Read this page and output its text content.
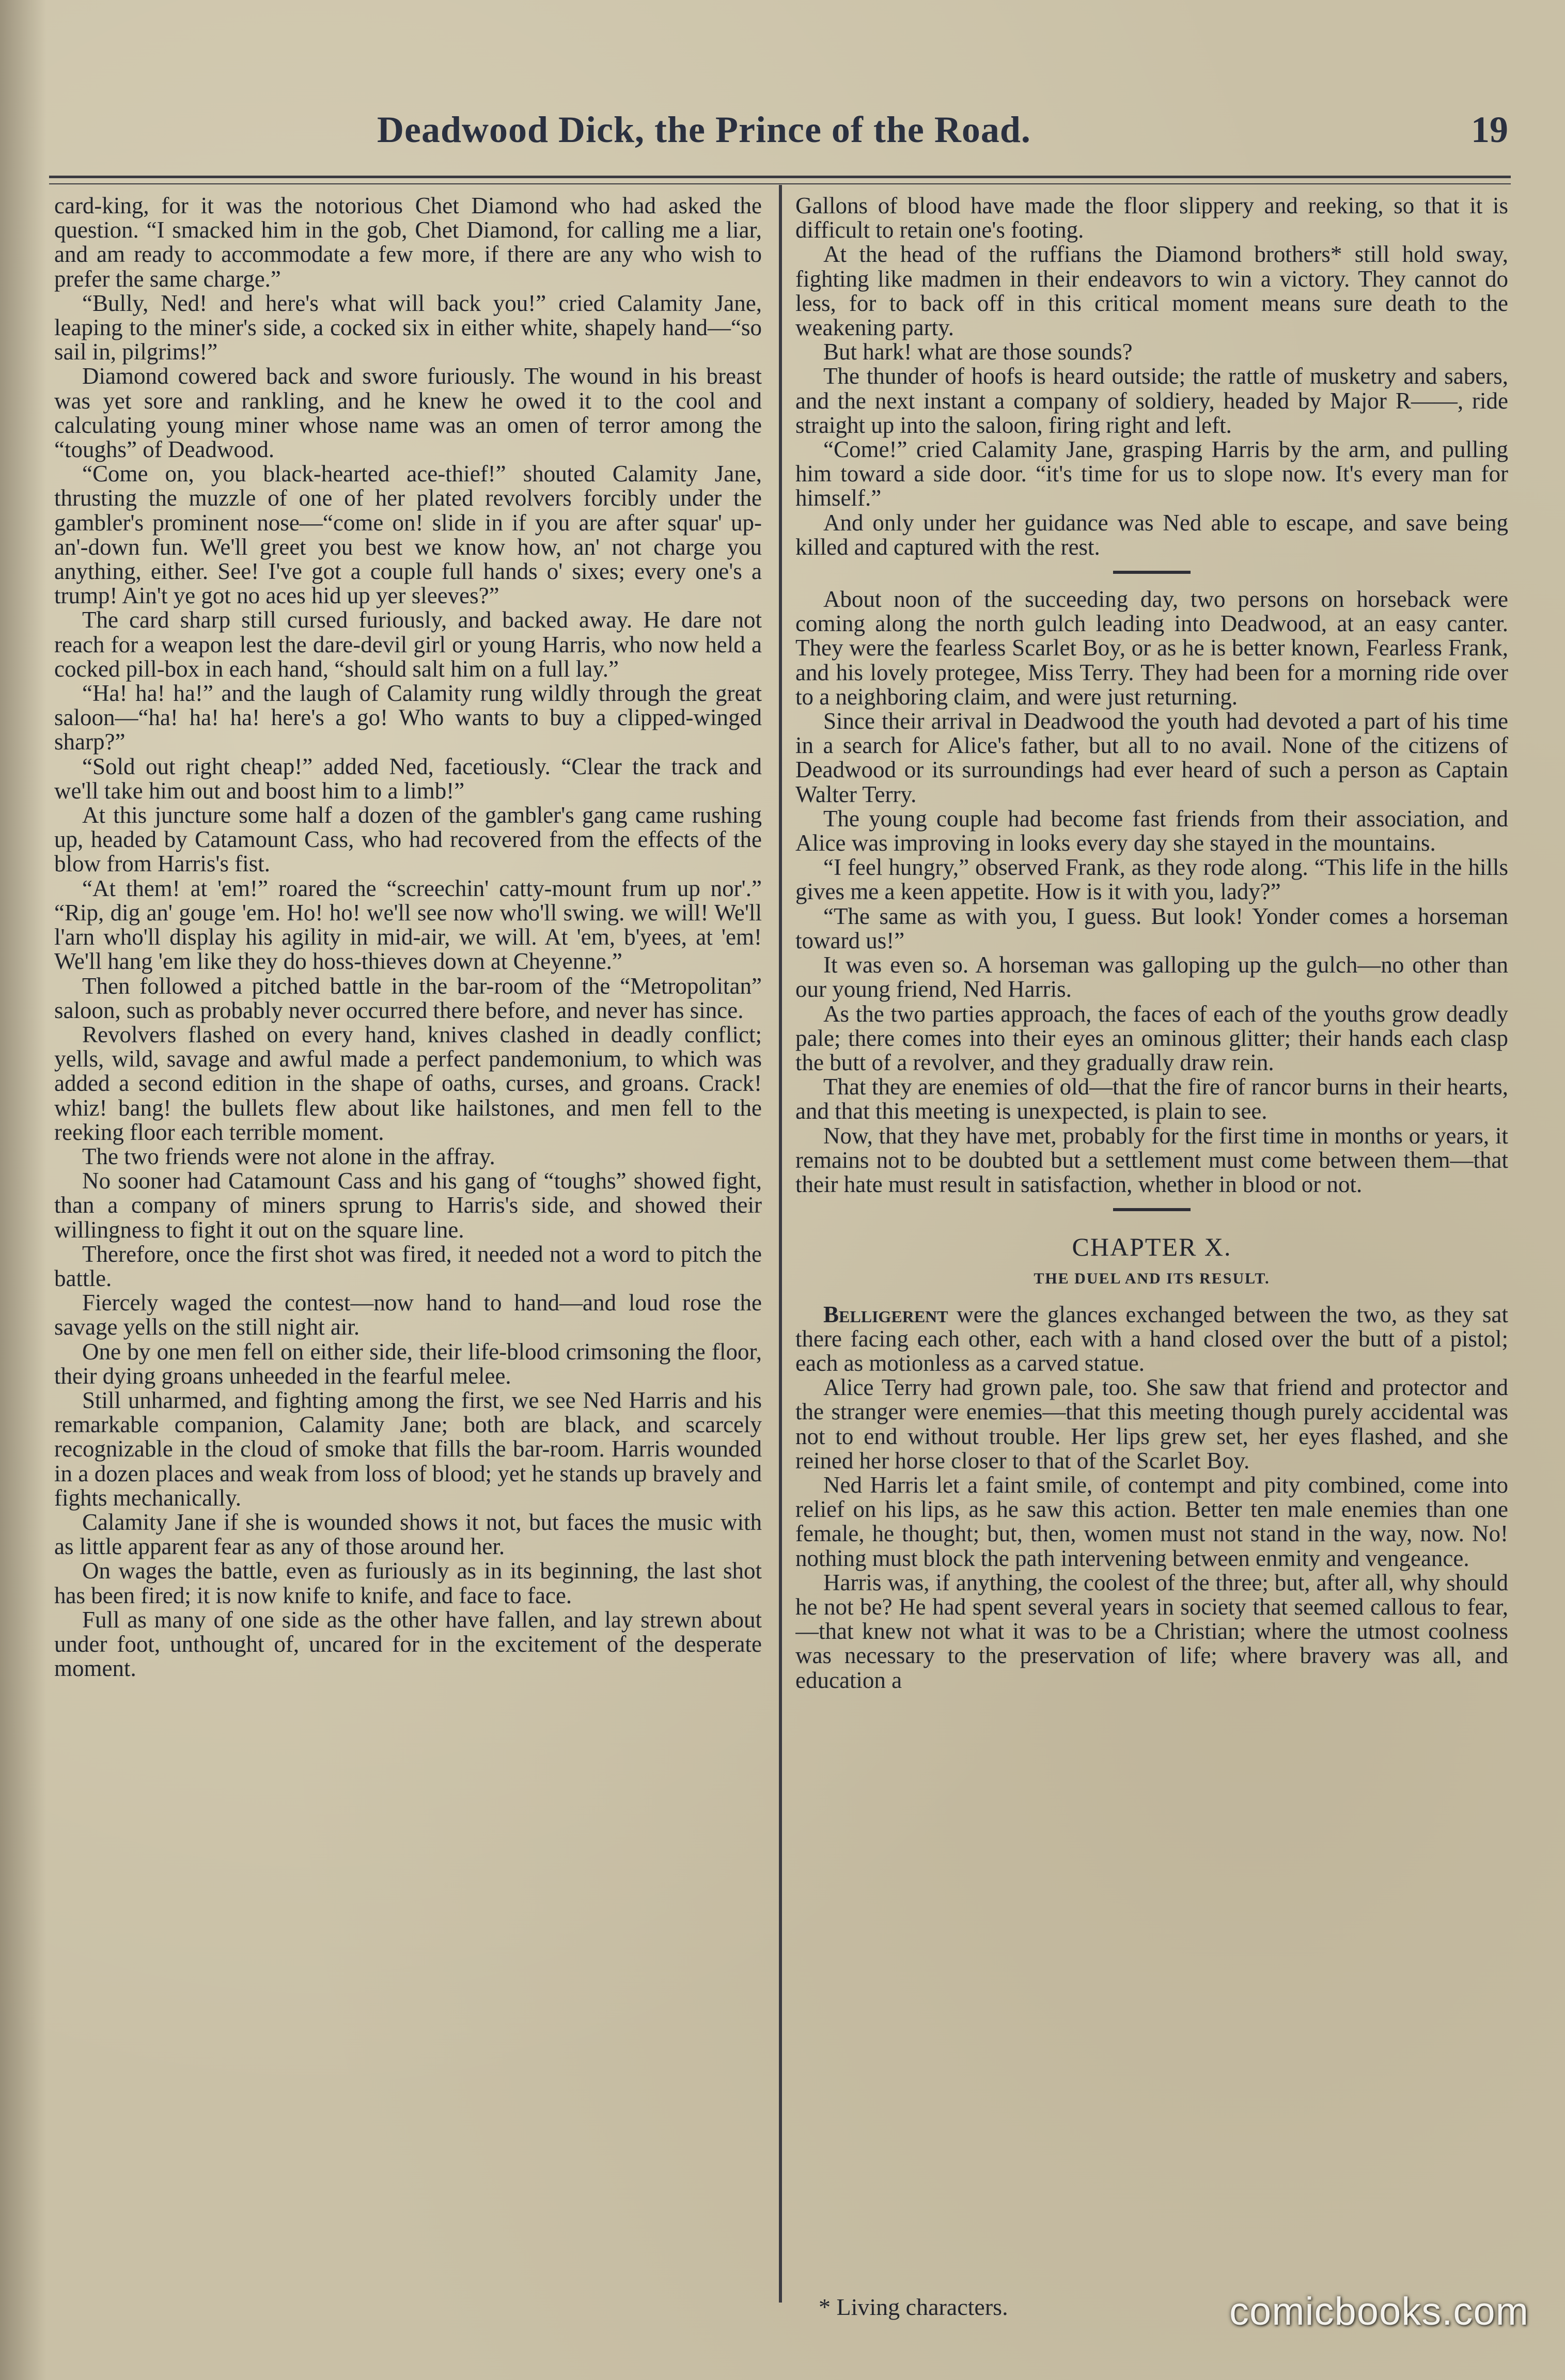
Deadwood Dick, the Prince of the Road.	19

card-king, for it was the notorious Chet Diamond who had asked the question. “I smacked him in the gob, Chet Diamond, for calling me a liar, and am ready to accommodate a few more, if there are any who wish to prefer the same charge.”

“Bully, Ned! and here's what will back you!” cried Calamity Jane, leaping to the miner's side, a cocked six in either white, shapely hand—“so sail in, pilgrims!”

Diamond cowered back and swore furiously. The wound in his breast was yet sore and rankling, and he knew he owed it to the cool and calculating young miner whose name was an omen of terror among the “toughs” of Deadwood.

“Come on, you black-hearted ace-thief!” shouted Calamity Jane, thrusting the muzzle of one of her plated revolvers forcibly under the gambler's prominent nose—“come on! slide in if you are after squar' up-an'-down fun. We'll greet you best we know how, an' not charge you anything, either. See! I've got a couple full hands o' sixes; every one's a trump! Ain't ye got no aces hid up yer sleeves?”

The card sharp still cursed furiously, and backed away. He dare not reach for a weapon lest the dare-devil girl or young Harris, who now held a cocked pill-box in each hand, “should salt him on a full lay.”

“Ha! ha! ha!” and the laugh of Calamity rung wildly through the great saloon—“ha! ha! ha! here's a go! Who wants to buy a clipped-winged sharp?”

“Sold out right cheap!” added Ned, facetiously. “Clear the track and we'll take him out and boost him to a limb!”

At this juncture some half a dozen of the gambler's gang came rushing up, headed by Catamount Cass, who had recovered from the effects of the blow from Harris's fist.

“At them! at 'em!” roared the “screechin' catty-mount frum up nor'.” “Rip, dig an' gouge 'em. Ho! ho! we'll see now who'll swing. we will! We'll l'arn who'll display his agility in mid-air, we will. At 'em, b'yees, at 'em! We'll hang 'em like they do hoss-thieves down at Cheyenne.”

Then followed a pitched battle in the bar-room of the “Metropolitan” saloon, such as probably never occurred there before, and never has since.

Revolvers flashed on every hand, knives clashed in deadly conflict; yells, wild, savage and awful made a perfect pandemonium, to which was added a second edition in the shape of oaths, curses, and groans. Crack! whiz! bang! the bullets flew about like hailstones, and men fell to the reeking floor each terrible moment.

The two friends were not alone in the affray.

No sooner had Catamount Cass and his gang of “toughs” showed fight, than a company of miners sprung to Harris's side, and showed their willingness to fight it out on the square line.

Therefore, once the first shot was fired, it needed not a word to pitch the battle.

Fiercely waged the contest—now hand to hand—and loud rose the savage yells on the still night air.

One by one men fell on either side, their life-blood crimsoning the floor, their dying groans unheeded in the fearful melee.

Still unharmed, and fighting among the first, we see Ned Harris and his remarkable companion, Calamity Jane; both are black, and scarcely recognizable in the cloud of smoke that fills the bar-room. Harris wounded in a dozen places and weak from loss of blood; yet he stands up bravely and fights mechanically.

Calamity Jane if she is wounded shows it not, but faces the music with as little apparent fear as any of those around her.

On wages the battle, even as furiously as in its beginning, the last shot has been fired; it is now knife to knife, and face to face.

Full as many of one side as the other have fallen, and lay strewn about under foot, unthought of, uncared for in the excitement of the desperate moment.

Gallons of blood have made the floor slippery and reeking, so that it is difficult to retain one's footing.

At the head of the ruffians the Diamond brothers* still hold sway, fighting like madmen in their endeavors to win a victory. They cannot do less, for to back off in this critical moment means sure death to the weakening party.

But hark! what are those sounds?

The thunder of hoofs is heard outside; the rattle of musketry and sabers, and the next instant a company of soldiery, headed by Major R——, ride straight up into the saloon, firing right and left.

“Come!” cried Calamity Jane, grasping Harris by the arm, and pulling him toward a side door. “it's time for us to slope now. It's every man for himself.”

And only under her guidance was Ned able to escape, and save being killed and captured with the rest.

About noon of the succeeding day, two persons on horseback were coming along the north gulch leading into Deadwood, at an easy canter. They were the fearless Scarlet Boy, or as he is better known, Fearless Frank, and his lovely protegee, Miss Terry. They had been for a morning ride over to a neighboring claim, and were just returning.

Since their arrival in Deadwood the youth had devoted a part of his time in a search for Alice's father, but all to no avail. None of the citizens of Deadwood or its surroundings had ever heard of such a person as Captain Walter Terry.

The young couple had become fast friends from their association, and Alice was improving in looks every day she stayed in the mountains.

“I feel hungry,” observed Frank, as they rode along. “This life in the hills gives me a keen appetite. How is it with you, lady?”

“The same as with you, I guess. But look! Yonder comes a horseman toward us!”

It was even so. A horseman was galloping up the gulch—no other than our young friend, Ned Harris.

As the two parties approach, the faces of each of the youths grow deadly pale; there comes into their eyes an ominous glitter; their hands each clasp the butt of a revolver, and they gradually draw rein.

That they are enemies of old—that the fire of rancor burns in their hearts, and that this meeting is unexpected, is plain to see.

Now, that they have met, probably for the first time in months or years, it remains not to be doubted but a settlement must come between them—that their hate must result in satisfaction, whether in blood or not.

CHAPTER X.
THE DUEL AND ITS RESULT.

Belligerent were the glances exchanged between the two, as they sat there facing each other, each with a hand closed over the butt of a pistol; each as motionless as a carved statue.

Alice Terry had grown pale, too. She saw that friend and protector and the stranger were enemies—that this meeting though purely accidental was not to end without trouble. Her lips grew set, her eyes flashed, and she reined her horse closer to that of the Scarlet Boy.

Ned Harris let a faint smile, of contempt and pity combined, come into relief on his lips, as he saw this action. Better ten male enemies than one female, he thought; but, then, women must not stand in the way, now. No! nothing must block the path intervening between enmity and vengeance.

Harris was, if anything, the coolest of the three; but, after all, why should he not be? He had spent several years in society that seemed callous to fear,—that knew not what it was to be a Christian; where the utmost coolness was necessary to the preservation of life; where bravery was all, and education a

* Living characters.	comicbooks.com
